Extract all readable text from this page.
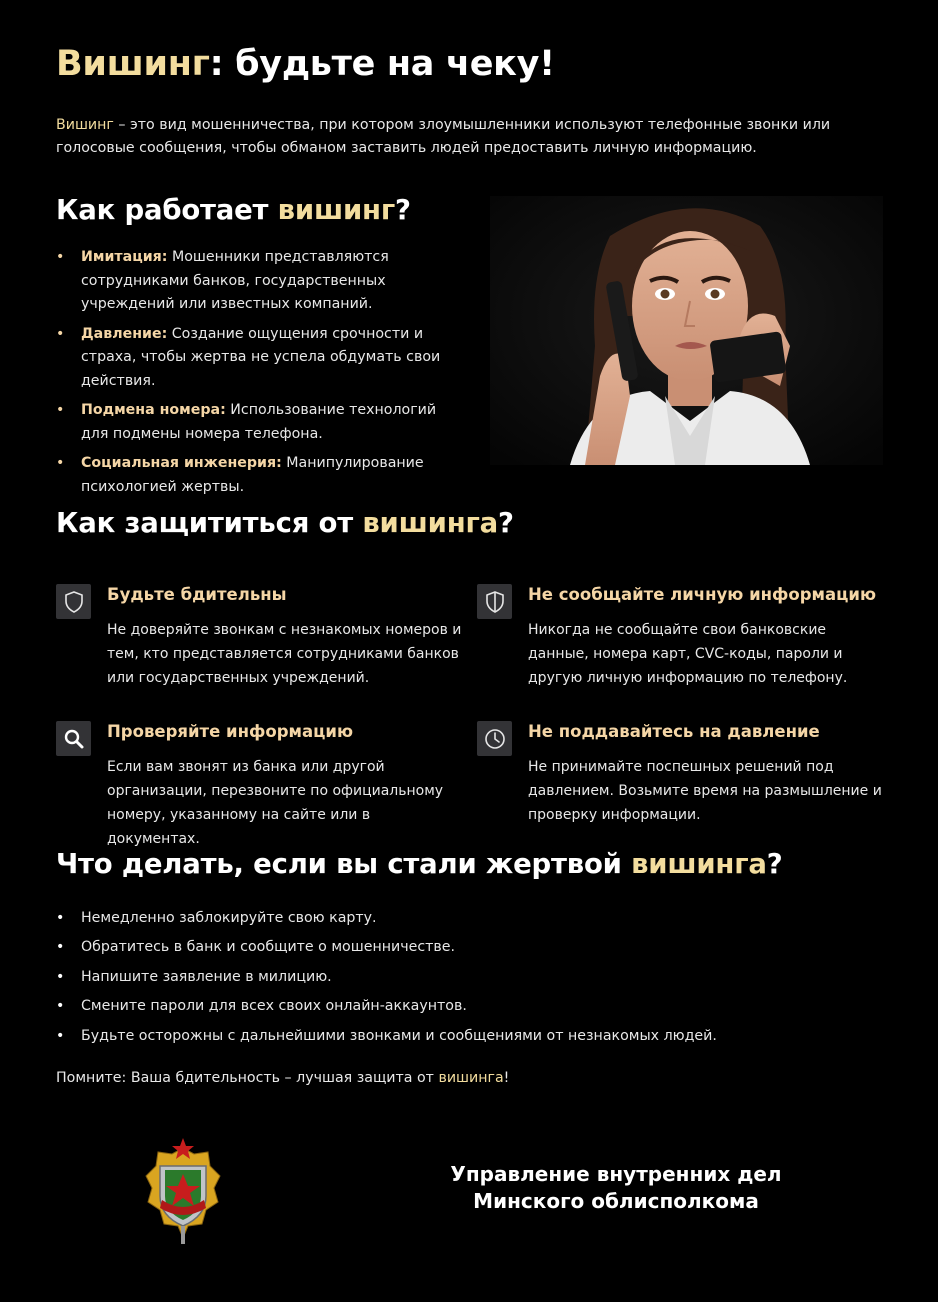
Вишинг: будьте на чеку!

Вишинг – это вид мошенничества, при котором злоумышленники используют телефонные звонки или голосовые сообщения, чтобы обманом заставить людей предоставить личную информацию.

Как работает вишинг?
• Имитация: Мошенники представляются сотрудниками банков, государственных учреждений или известных компаний.
• Давление: Создание ощущения срочности и страха, чтобы жертва не успела обдумать свои действия.
• Подмена номера: Использование технологий для подмены номера телефона.
• Социальная инженерия: Манипулирование психологией жертвы.
Как защититься от вишинга?
Будьте бдительны
Не доверяйте звонкам с незнакомых номеров и тем, кто представляется сотрудниками банков или государственных учреждений.
Не сообщайте личную информацию
Никогда не сообщайте свои банковские данные, номера карт, CVC-коды, пароли и другую личную информацию по телефону.
Проверяйте информацию
Если вам звонят из банка или другой организации, перезвоните по официальному номеру, указанному на сайте или в документах.
Не поддавайтесь на давление
Не принимайте поспешных решений под давлением. Возьмите время на размышление и проверку информации.
Что делать, если вы стали жертвой вишинга?
• Немедленно заблокируйте свою карту.
• Обратитесь в банк и сообщите о мошенничестве.
• Напишите заявление в милицию.
• Смените пароли для всех своих онлайн-аккаунтов.
• Будьте осторожны с дальнейшими звонками и сообщениями от незнакомых людей.

Помните: Ваша бдительность – лучшая защита от вишинга!

Управление внутренних дел
Минского облисполкома
